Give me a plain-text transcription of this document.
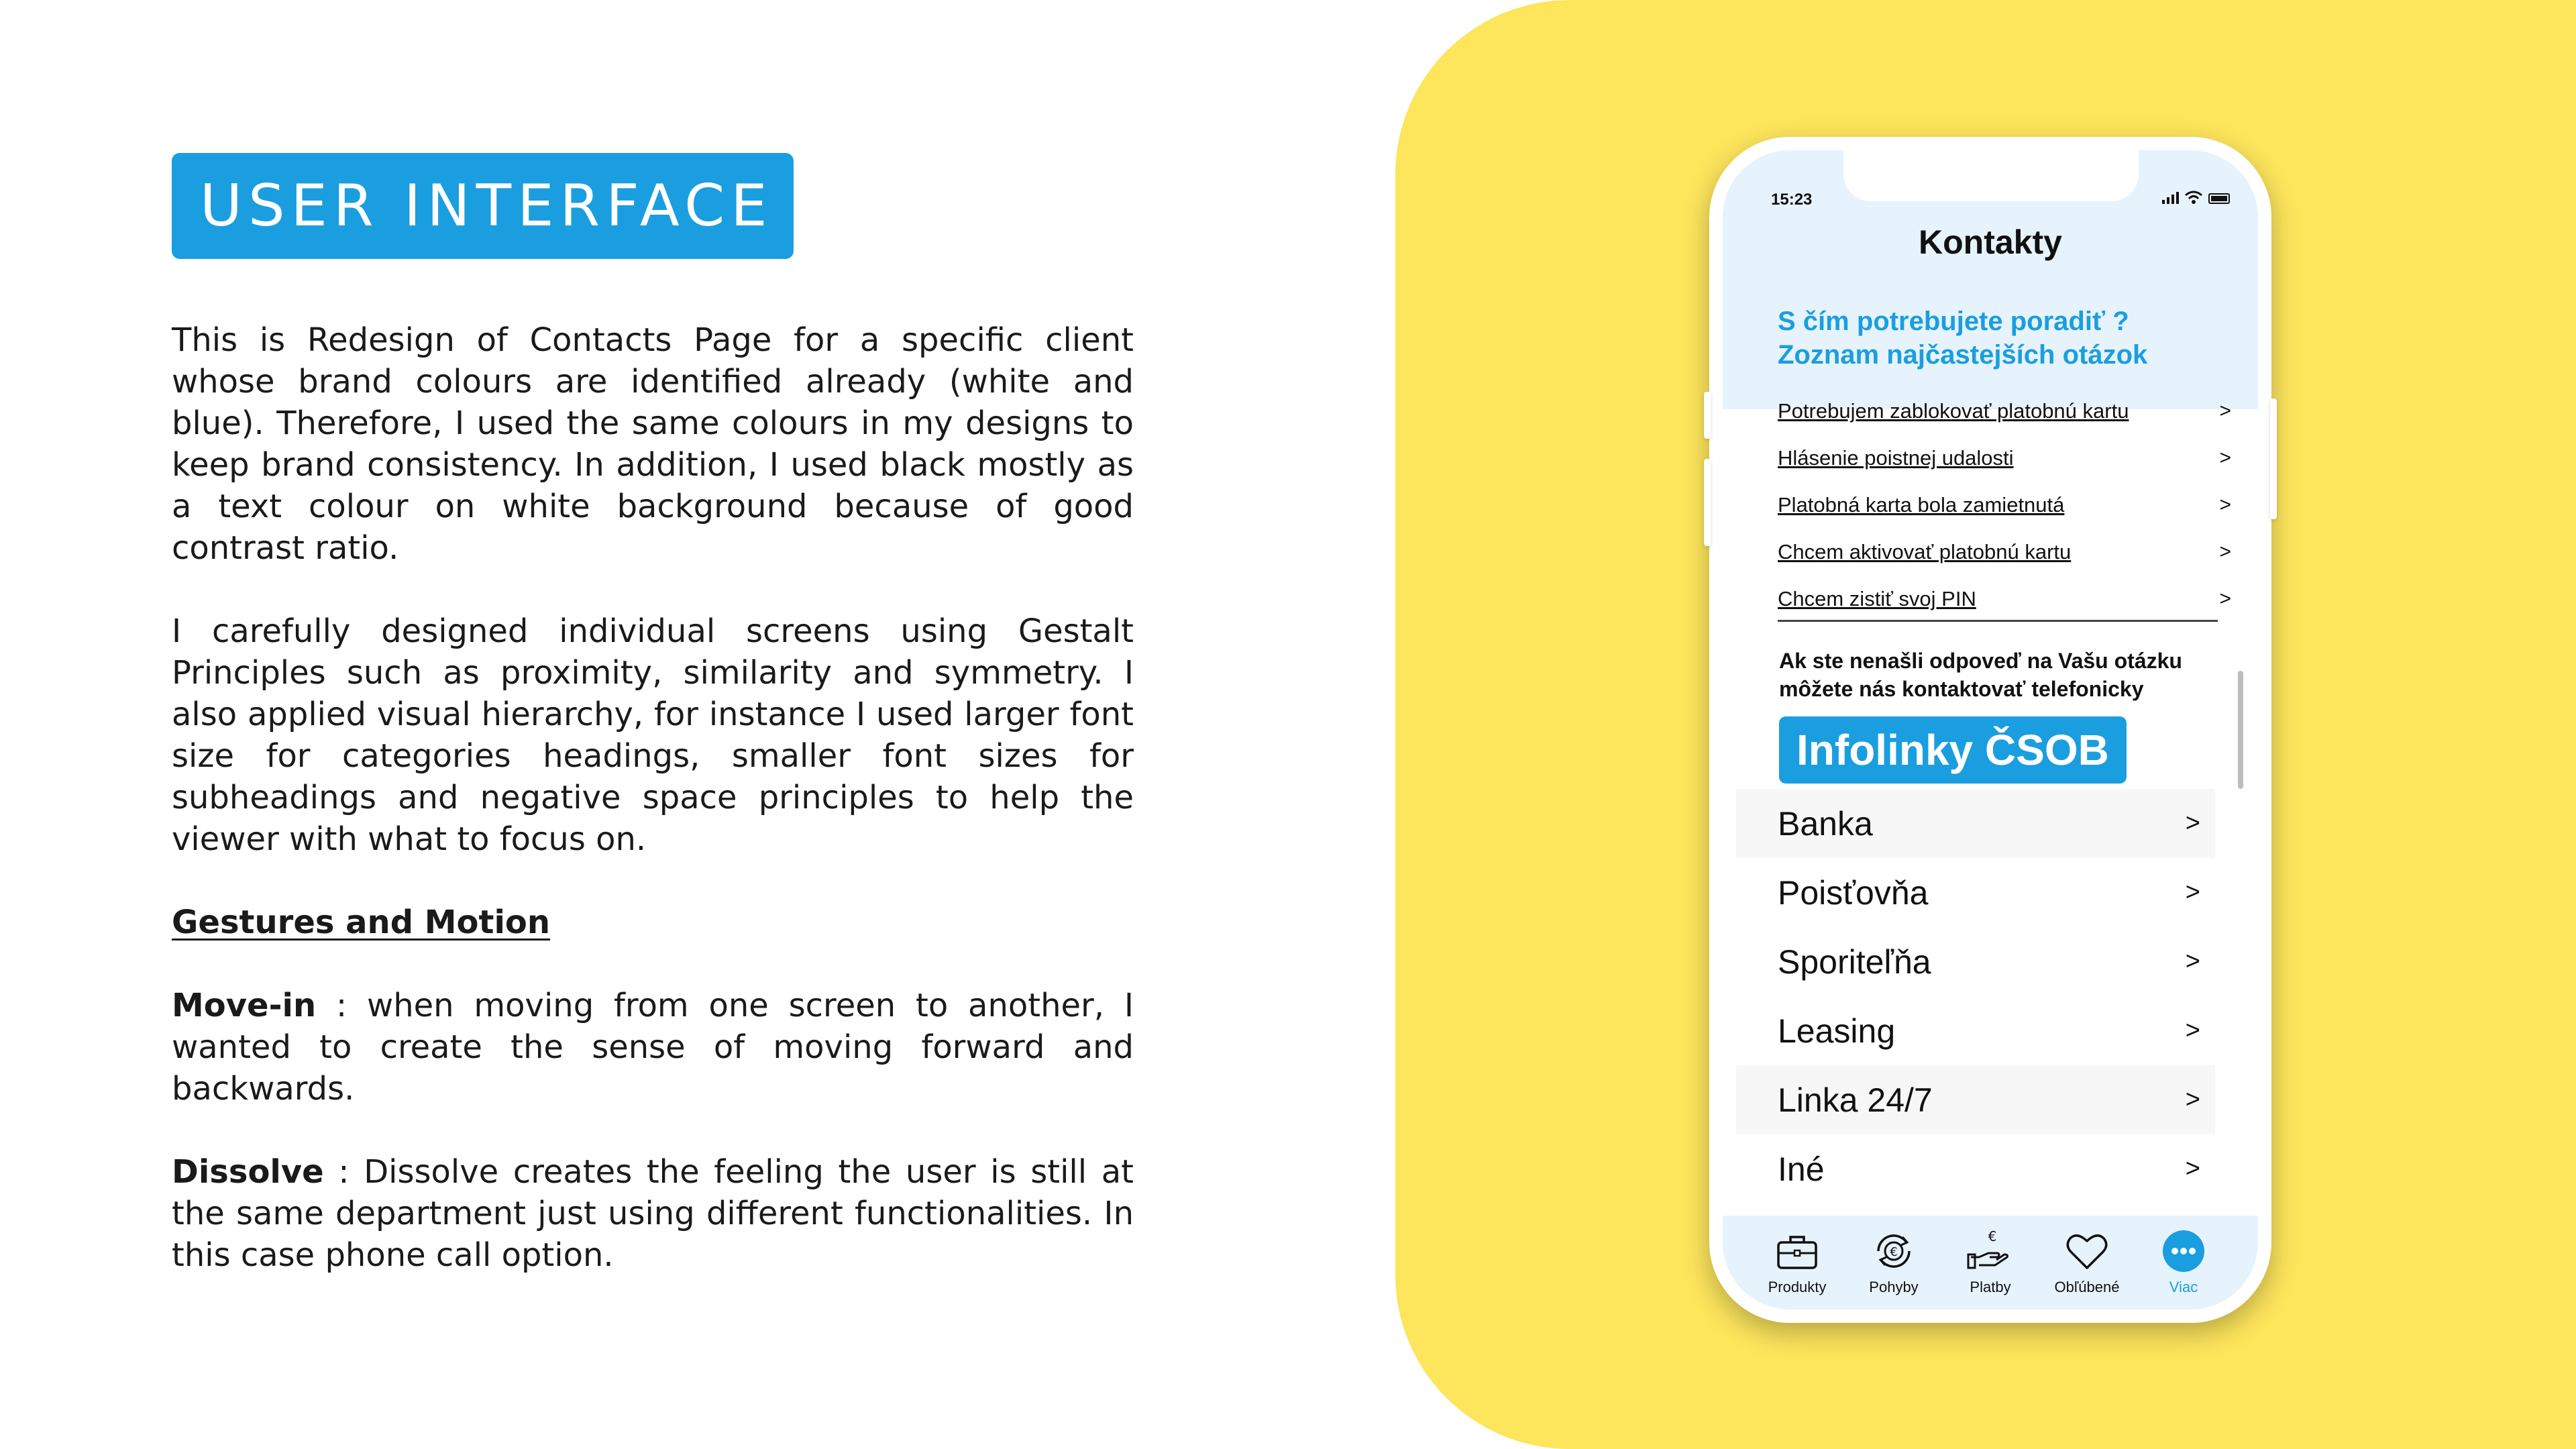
USER INTERFACE

This is Redesign of Contacts Page for a specific client whose brand colours are identified already (white and blue). Therefore, I used the same colours in my designs to keep brand consistency. In addition, I used black mostly as a text colour on white background because of good contrast ratio.

I carefully designed individual screens using Gestalt Principles such as proximity, similarity and symmetry. I also applied visual hierarchy, for instance I used larger font size for categories headings, smaller font sizes for subheadings and negative space principles to help the viewer with what to focus on.

Gestures and Motion

Move-in : when moving from one screen to another, I wanted to create the sense of moving forward and backwards.

Dissolve : Dissolve creates the feeling the user is still at the same department just using different functionalities. In this case phone call option.

15:23
Kontakty
S čím potrebujete poradiť ?
Zoznam najčastejších otázok
Potrebujem zablokovať platobnú kartu	>
Hlásenie poistnej udalosti	>
Platobná karta bola zamietnutá	>
Chcem aktivovať platobnú kartu	>
Chcem zistiť svoj PIN	>
Ak ste nenašli odpoveď na Vašu otázku
môžete nás kontaktovať telefonicky
Infolinky ČSOB
Banka	>
Poisťovňa	>
Sporiteľňa	>
Leasing	>
Linka 24/7	>
Iné	>
Produkty
€
Pohyby
€
Platby	Obľúbené	Viac
